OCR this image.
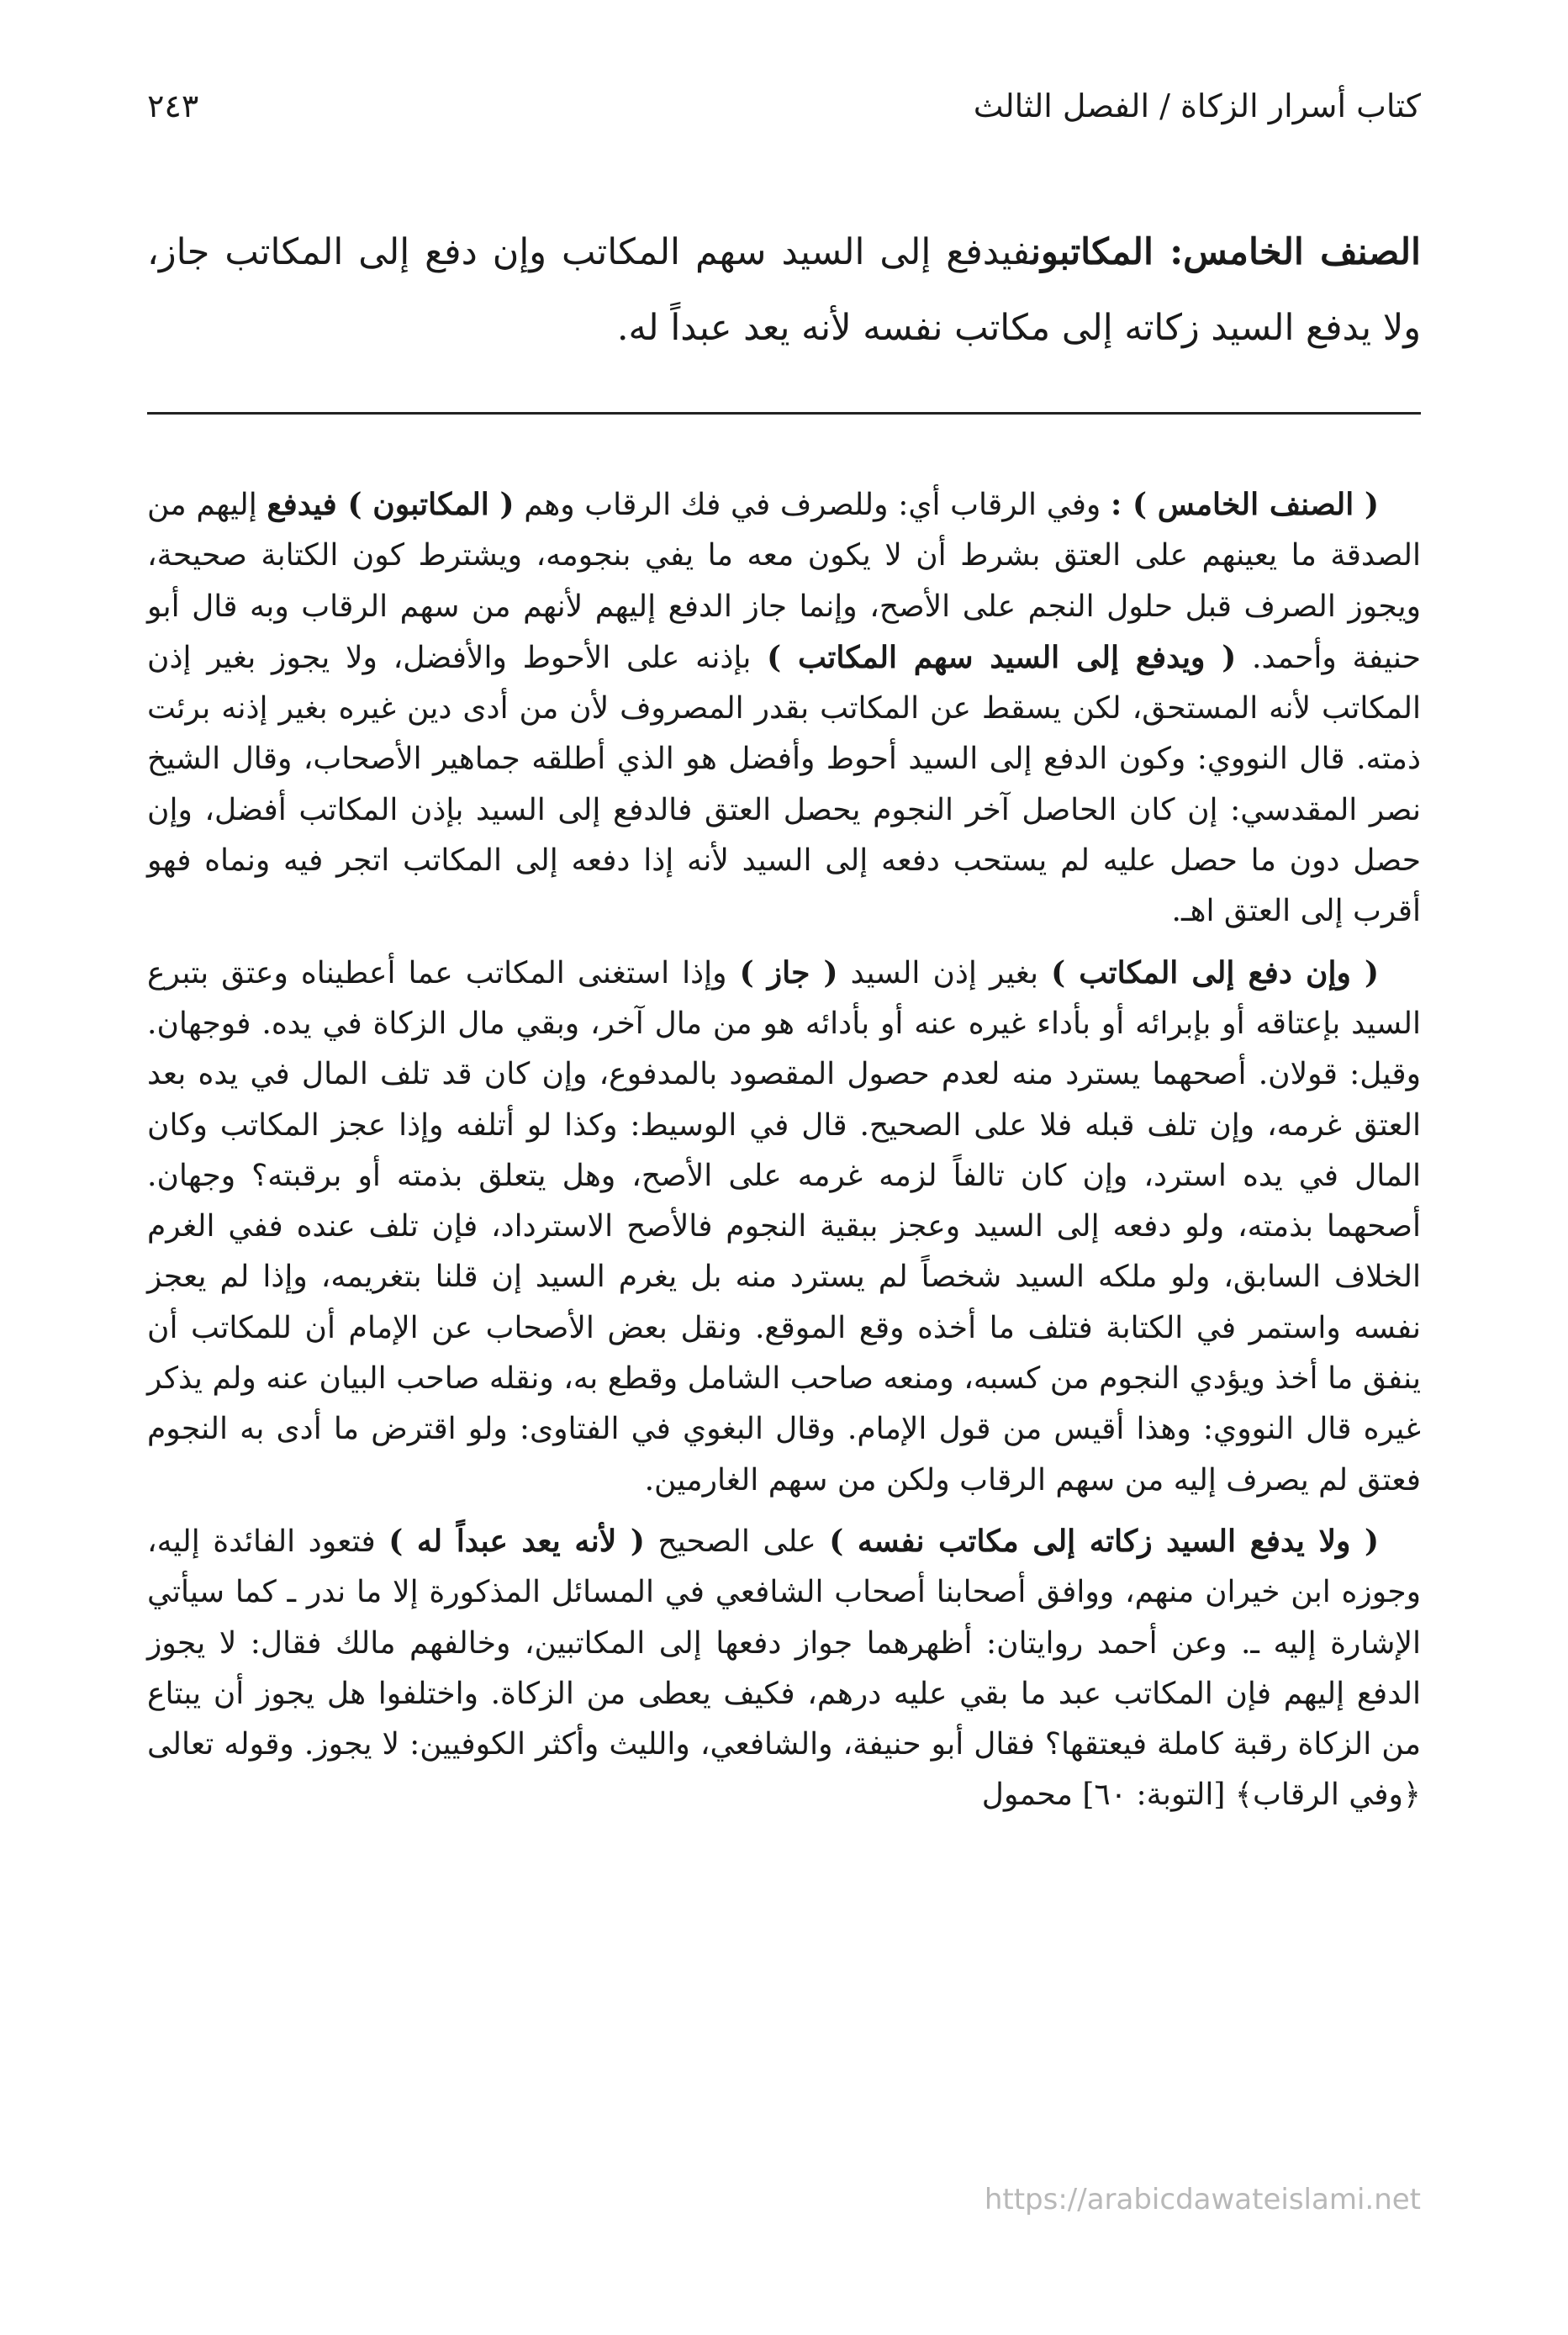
كتاب أسرار الزكاة / الفصل الثالث
٢٤٣
الصنف الخامس: المكاتبونفيدفع إلى السيد سهم المكاتب وإن دفع إلى المكاتب جاز، ولا يدفع السيد زكاته إلى مكاتب نفسه لأنه يعد عبداً له.

( الصنف الخامس ) : وفي الرقاب أي: وللصرف في فك الرقاب وهم ( المكاتبون ) فيدفع إليهم من الصدقة ما يعينهم على العتق بشرط أن لا يكون معه ما يفي بنجومه، ويشترط كون الكتابة صحيحة، ويجوز الصرف قبل حلول النجم على الأصح، وإنما جاز الدفع إليهم لأنهم من سهم الرقاب وبه قال أبو حنيفة وأحمد. ( ويدفع إلى السيد سهم المكاتب ) بإذنه على الأحوط والأفضل، ولا يجوز بغير إذن المكاتب لأنه المستحق، لكن يسقط عن المكاتب بقدر المصروف لأن من أدى دين غيره بغير إذنه برئت ذمته. قال النووي: وكون الدفع إلى السيد أحوط وأفضل هو الذي أطلقه جماهير الأصحاب، وقال الشيخ نصر المقدسي: إن كان الحاصل آخر النجوم يحصل العتق فالدفع إلى السيد بإذن المكاتب أفضل، وإن حصل دون ما حصل عليه لم يستحب دفعه إلى السيد لأنه إذا دفعه إلى المكاتب اتجر فيه ونماه فهو أقرب إلى العتق اهـ.

( وإن دفع إلى المكاتب ) بغير إذن السيد ( جاز ) وإذا استغنى المكاتب عما أعطيناه وعتق بتبرع السيد بإعتاقه أو بإبرائه أو بأداء غيره عنه أو بأدائه هو من مال آخر، وبقي مال الزكاة في يده. فوجهان. وقيل: قولان. أصحهما يسترد منه لعدم حصول المقصود بالمدفوع، وإن كان قد تلف المال في يده بعد العتق غرمه، وإن تلف قبله فلا على الصحيح. قال في الوسيط: وكذا لو أتلفه وإذا عجز المكاتب وكان المال في يده استرد، وإن كان تالفاً لزمه غرمه على الأصح، وهل يتعلق بذمته أو برقبته؟ وجهان. أصحهما بذمته، ولو دفعه إلى السيد وعجز ببقية النجوم فالأصح الاسترداد، فإن تلف عنده ففي الغرم الخلاف السابق، ولو ملكه السيد شخصاً لم يسترد منه بل يغرم السيد إن قلنا بتغريمه، وإذا لم يعجز نفسه واستمر في الكتابة فتلف ما أخذه وقع الموقع. ونقل بعض الأصحاب عن الإمام أن للمكاتب أن ينفق ما أخذ ويؤدي النجوم من كسبه، ومنعه صاحب الشامل وقطع به، ونقله صاحب البيان عنه ولم يذكر غيره قال النووي: وهذا أقيس من قول الإمام. وقال البغوي في الفتاوى: ولو اقترض ما أدى به النجوم فعتق لم يصرف إليه من سهم الرقاب ولكن من سهم الغارمين.

( ولا يدفع السيد زكاته إلى مكاتب نفسه ) على الصحيح ( لأنه يعد عبداً له ) فتعود الفائدة إليه، وجوزه ابن خيران منهم، ووافق أصحابنا أصحاب الشافعي في المسائل المذكورة إلا ما ندر ـ كما سيأتي الإشارة إليه ـ. وعن أحمد روايتان: أظهرهما جواز دفعها إلى المكاتبين، وخالفهم مالك فقال: لا يجوز الدفع إليهم فإن المكاتب عبد ما بقي عليه درهم، فكيف يعطى من الزكاة. واختلفوا هل يجوز أن يبتاع من الزكاة رقبة كاملة فيعتقها؟ فقال أبو حنيفة، والشافعي، والليث وأكثر الكوفيين: لا يجوز. وقوله تعالى ﴿وفي الرقاب﴾ [التوبة: ٦٠] محمول

https://arabicdawateislami.net
